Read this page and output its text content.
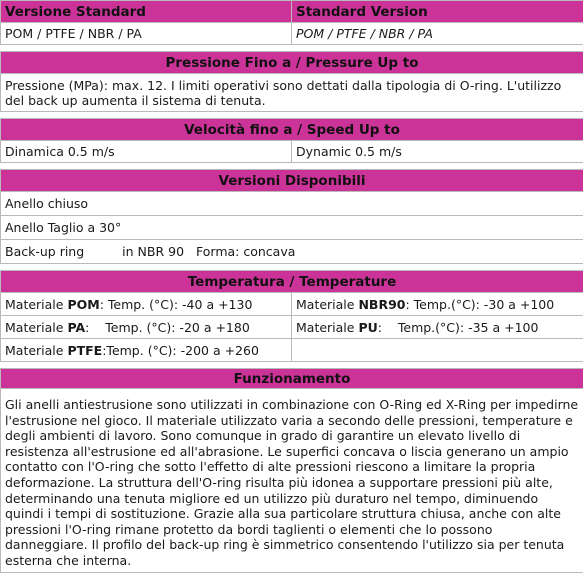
Versione Standard	Standard Version
POM / PTFE / NBR / PA	POM / PTFE / NBR / PA

Pressione Fino a / Pressure Up to	
Pressione (MPa): max. 12. I limiti operativi sono dettati dalla tipologia di O-ring. L'utilizzo del back up aumenta il sistema di tenuta.	

Velocità fino a / Speed Up to	
Dinamica 0.5 m/s	Dynamic 0.5 m/s

Versioni Disponibili	
Anello chiuso	
Anello Taglio a 30°	
Back-up ring in NBR 90 Forma: concava	

Temperatura / Temperature	
Materiale POM: Temp. (°C): -40 a +130	Materiale NBR90: Temp.(°C): -30 a +100
Materiale PA:    Temp. (°C): -20 a +180	Materiale PU:    Temp.(°C): -35 a +100
Materiale PTFE:Temp. (°C): -200 a +260	

Funzionamento	
Gli anelli antiestrusione sono utilizzati in combinazione con O-Ring ed X-Ring per impedirne l'estrusione nel gioco. Il materiale utilizzato varia a secondo delle pressioni, temperature e degli ambienti di lavoro. Sono comunque in grado di garantire un elevato livello di resistenza all'estrusione ed all'abrasione. Le superfici concava o liscia generano un ampio contatto con l'O-ring che sotto l'effetto di alte pressioni riescono a limitare la propria deformazione. La struttura dell'O-ring risulta più idonea a supportare pressioni più alte, determinando una tenuta migliore ed un utilizzo più duraturo nel tempo, diminuendo quindi i tempi di sostituzione. Grazie alla sua particolare struttura chiusa, anche con alte pressioni l'O-ring rimane protetto da bordi taglienti o elementi che lo possono danneggiare. Il profilo del back-up ring è simmetrico consentendo l'utilizzo sia per tenuta esterna che interna.	
